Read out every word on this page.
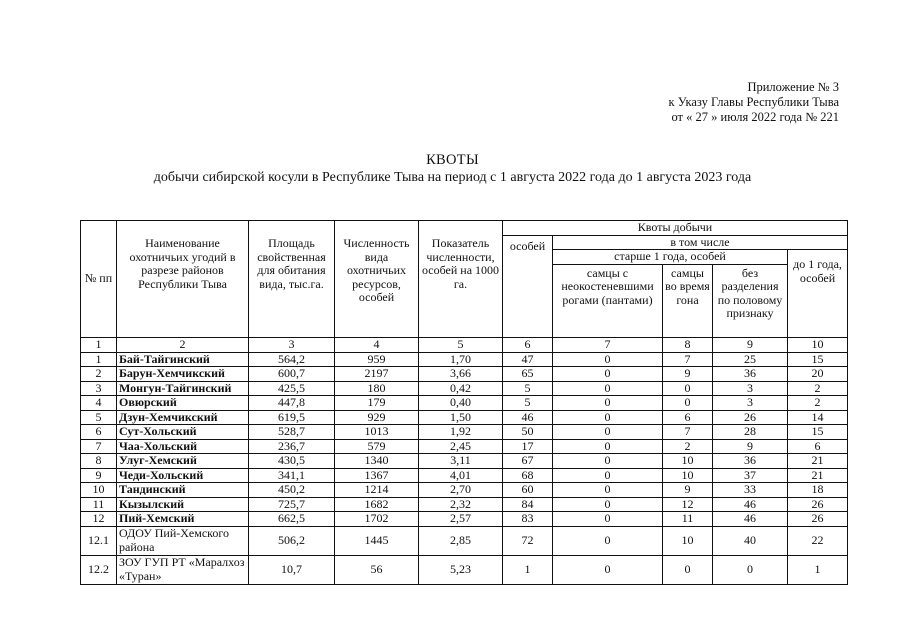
Приложение № 3
к Указу Главы Республики Тыва
от « 27 » июля 2022 года № 221
КВОТЫ
добычи сибирской косули в Республике Тыва на период с 1 августа 2022 года до 1 августа 2023 года
№ пп	Наименование охотничьих угодий в разрезе районов Республики Тыва	Площадь свойственная для обитания вида, тыс.га.	Численность вида охотничьих ресурсов, особей	Показатель численности, особей на 1000 га.	Квоты добычи				
					особей	в том числе			
						старше 1 года, особей			до 1 года, особей
						самцы с неокостеневшими рогами (пантами)	самцы во время гона	без разделения по половому признаку	
1	2	3	4	5	6	7	8	9	10
1	Бай-Тайгинский	564,2	959	1,70	47	0	7	25	15
2	Барун-Хемчикский	600,7	2197	3,66	65	0	9	36	20
3	Монгун-Тайгинский	425,5	180	0,42	5	0	0	3	2
4	Овюрский	447,8	179	0,40	5	0	0	3	2
5	Дзун-Хемчикский	619,5	929	1,50	46	0	6	26	14
6	Сут-Хольский	528,7	1013	1,92	50	0	7	28	15
7	Чаа-Хольский	236,7	579	2,45	17	0	2	9	6
8	Улуг-Хемский	430,5	1340	3,11	67	0	10	36	21
9	Чеди-Хольский	341,1	1367	4,01	68	0	10	37	21
10	Тандинский	450,2	1214	2,70	60	0	9	33	18
11	Кызылский	725,7	1682	2,32	84	0	12	46	26
12	Пий-Хемский	662,5	1702	2,57	83	0	11	46	26
12.1	ОДОУ Пий-Хемского района	506,2	1445	2,85	72	0	10	40	22
12.2	ЗОУ ГУП РТ «Маралхоз «Туран»	10,7	56	5,23	1	0	0	0	1
